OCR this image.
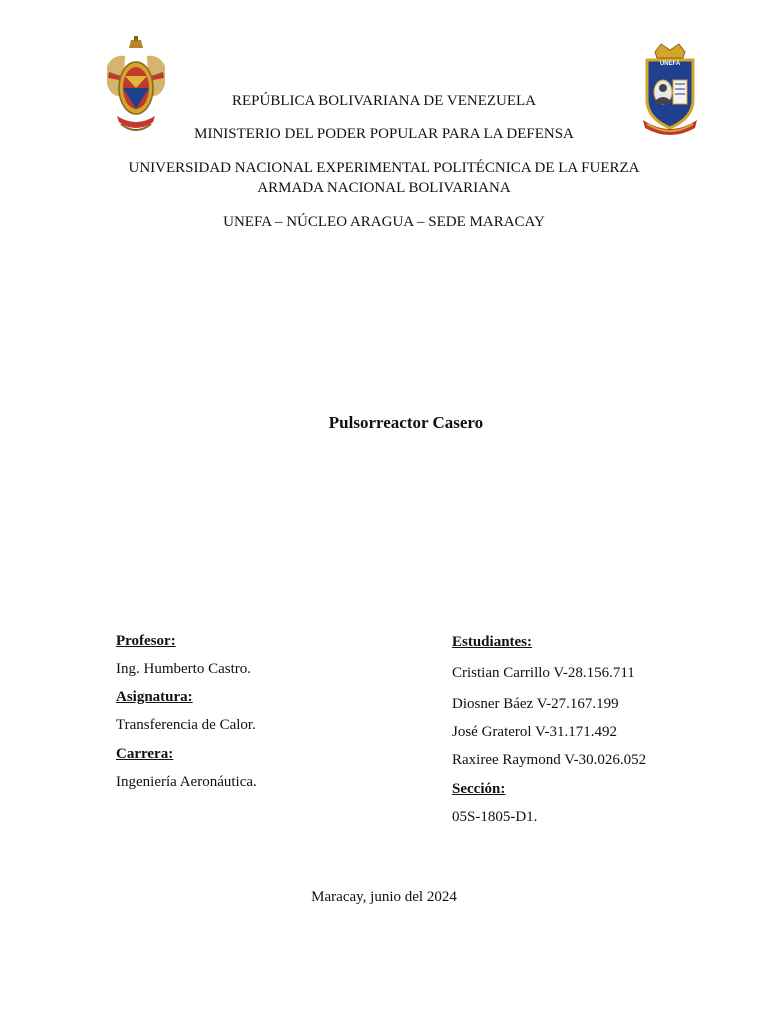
UNEFA
REPÚBLICA BOLIVARIANA DE VENEZUELA
MINISTERIO DEL PODER POPULAR PARA LA DEFENSA
UNIVERSIDAD NACIONAL EXPERIMENTAL POLITÉCNICA DE LA FUERZA
ARMADA NACIONAL BOLIVARIANA
UNEFA – NÚCLEO ARAGUA – SEDE MARACAY
Pulsorreactor Casero
Profesor:
Ing. Humberto Castro.
Asignatura:
Transferencia de Calor.
Carrera:
Ingeniería Aeronáutica.
Estudiantes:
Cristian Carrillo V-28.156.711
Diosner Báez V-27.167.199
José Graterol V-31.171.492
Raxiree Raymond V-30.026.052
Sección:
05S-1805-D1.
Maracay, junio del 2024
